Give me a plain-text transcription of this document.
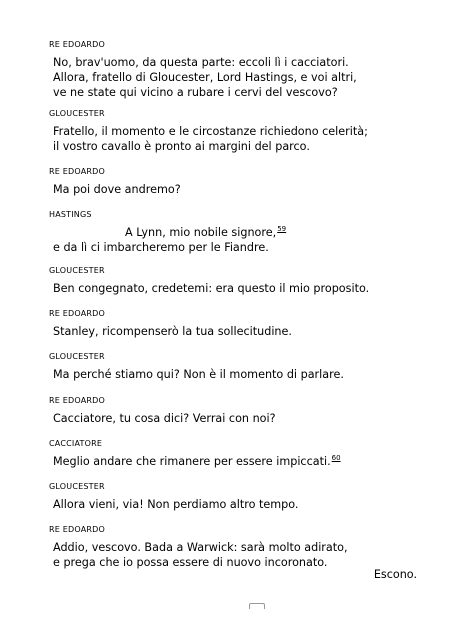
RE EDOARDO
No, brav'uomo, da questa parte: eccoli lì i cacciatori.
Allora, fratello di Gloucester, Lord Hastings, e voi altri,
ve ne state qui vicino a rubare i cervi del vescovo?
GLOUCESTER
Fratello, il momento e le circostanze richiedono celerità;
il vostro cavallo è pronto ai margini del parco.
RE EDOARDO
Ma poi dove andremo?
HASTINGS
A Lynn, mio nobile signore,$^{59}$
e da lì ci imbarcheremo per le Fiandre.
GLOUCESTER
Ben congegnato, credetemi: era questo il mio proposito.
RE EDOARDO
Stanley, ricompenserò la tua sollecitudine.
GLOUCESTER
Ma perché stiamo qui? Non è il momento di parlare.
RE EDOARDO
Cacciatore, tu cosa dici? Verrai con noi?
CACCIATORE
Meglio andare che rimanere per essere impiccati.$^{60}$
GLOUCESTER
Allora vieni, via! Non perdiamo altro tempo.
RE EDOARDO
Addio, vescovo. Bada a Warwick: sarà molto adirato,
e prega che io possa essere di nuovo incoronato.
Escono.
